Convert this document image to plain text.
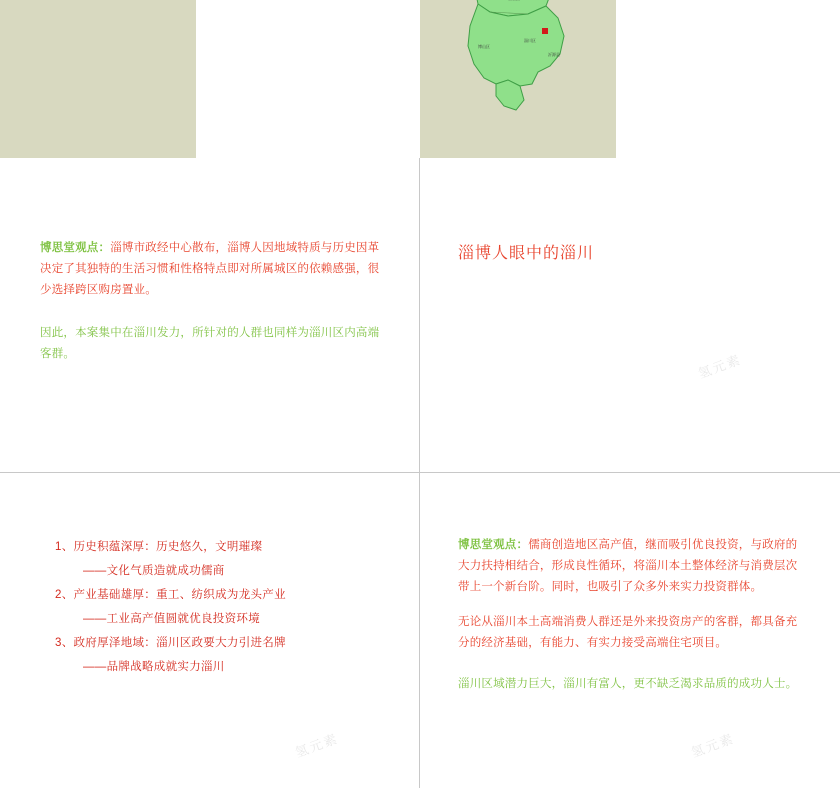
博山区
淄川区
沂源县

博思堂观点：淄博市政经中心散布，淄博人因地域特质与历史因革决定了其独特的生活习惯和性格特点即对所属城区的依赖感强，很少选择跨区购房置业。

因此，本案集中在淄川发力，所针对的人群也同样为淄川区内高端客群。

淄博人眼中的淄川
1、历史积蕴深厚：历史悠久，文明璀璨
——文化气质造就成功儒商
2、产业基础雄厚：重工、纺织成为龙头产业
——工业高产值圆就优良投资环境
3、政府厚泽地域：淄川区政要大力引进名牌
——品牌战略成就实力淄川

博思堂观点：儒商创造地区高产值，继而吸引优良投资，与政府的大力扶持相结合，形成良性循环，将淄川本土整体经济与消费层次带上一个新台阶。同时，也吸引了众多外来实力投资群体。

无论从淄川本土高端消费人群还是外来投资房产的客群，都具备充分的经济基础，有能力、有实力接受高端住宅项目。

淄川区域潜力巨大，淄川有富人，更不缺乏渴求品质的成功人士。

氢元素
氢元素	氢元素
